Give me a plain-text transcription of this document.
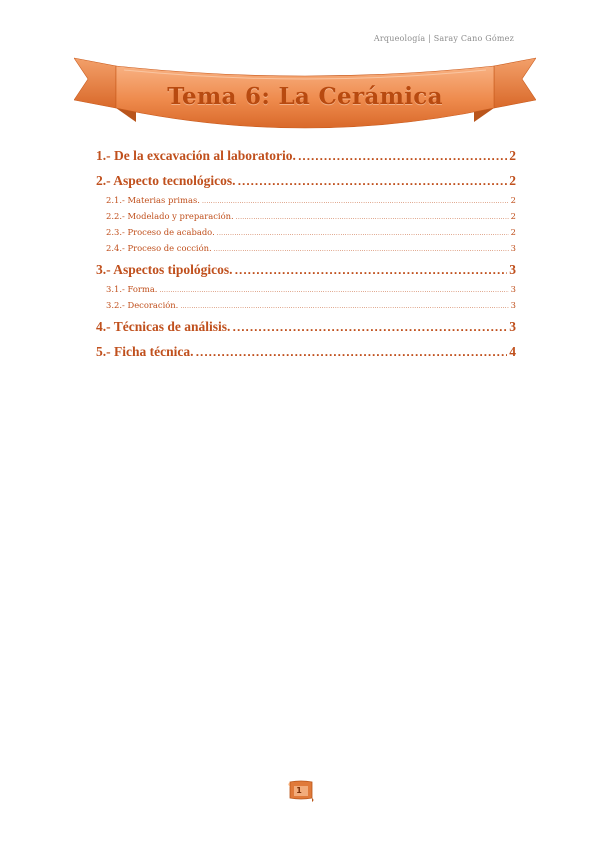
Arqueología | Saray Cano Gómez
Tema 6: La Cerámica
1.- De la excavación al laboratorio. .....	2
2.- Aspecto tecnológicos. .....	2
2.1.- Materias primas. .....	2
2.2.- Modelado y preparación. .....	2
2.3.- Proceso de acabado. .....	2
2.4.- Proceso de cocción. .....	3
3.- Aspectos tipológicos. .....	3
3.1.- Forma. .....	3
3.2.- Decoración. .....	3
4.- Técnicas de análisis. .....	3
5.- Ficha técnica. .....	4
1
